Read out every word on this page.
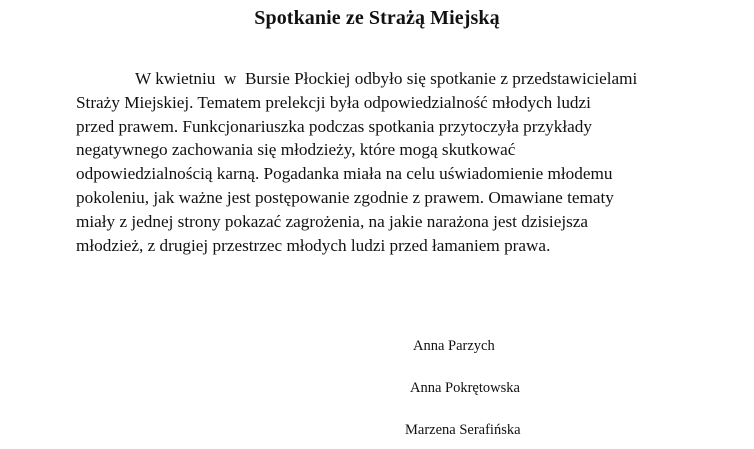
Spotkanie ze Strażą Miejską
W kwietniu  w  Bursie Płockiej odbyło się spotkanie z przedstawicielami
Straży Miejskiej. Tematem prelekcji była odpowiedzialność młodych ludzi
przed prawem. Funkcjonariuszka podczas spotkania przytoczyła przykłady
negatywnego zachowania się młodzieży, które mogą skutkować
odpowiedzialnością karną. Pogadanka miała na celu uświadomienie młodemu
pokoleniu, jak ważne jest postępowanie zgodnie z prawem. Omawiane tematy
miały z jednej strony pokazać zagrożenia, na jakie narażona jest dzisiejsza
młodzież, z drugiej przestrzec młodych ludzi przed łamaniem prawa.
Anna Parzych
Anna Pokrętowska
Marzena Serafińska
